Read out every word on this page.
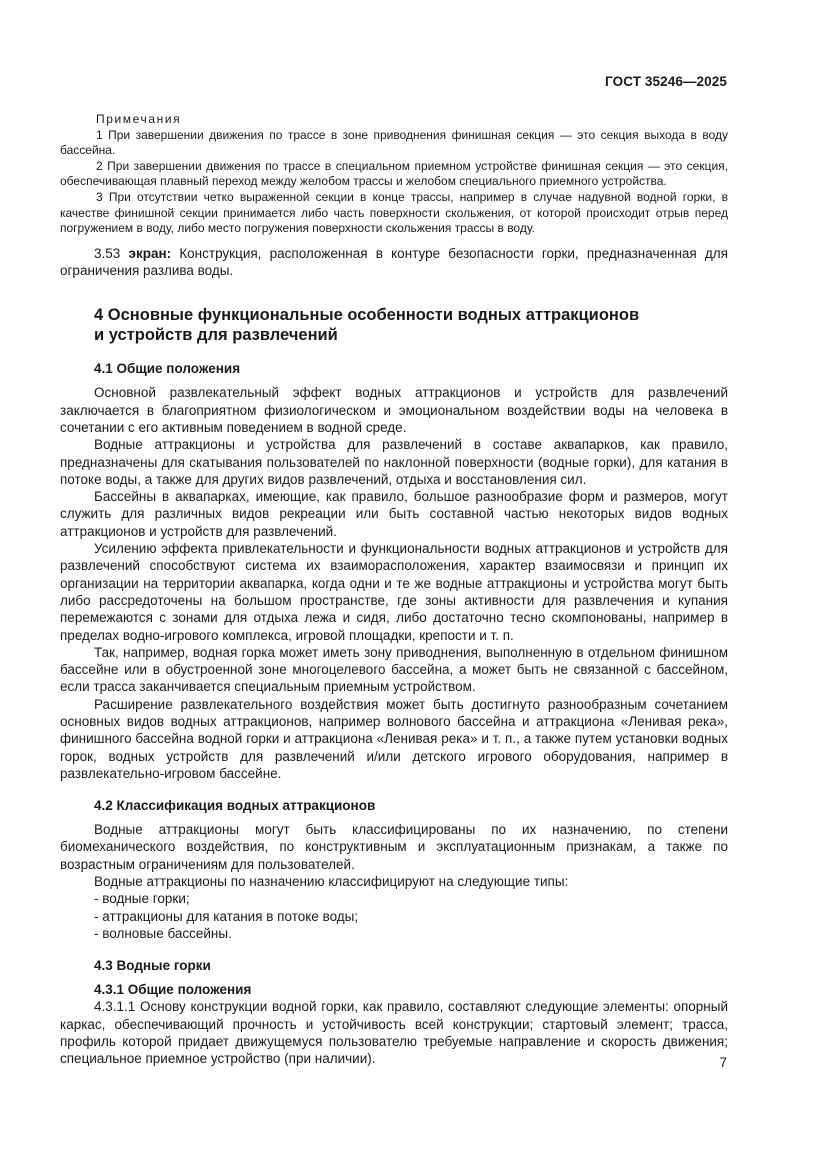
ГОСТ 35246—2025

Примечания

1 При завершении движения по трассе в зоне приводнения финишная секция — это секция выхода в воду бассейна.

2 При завершении движения по трассе в специальном приемном устройстве финишная секция — это секция, обеспечивающая плавный переход между желобом трассы и желобом специального приемного устройства.

3 При отсутствии четко выраженной секции в конце трассы, например в случае надувной водной горки, в качестве финишной секции принимается либо часть поверхности скольжения, от которой происходит отрыв перед погружением в воду, либо место погружения поверхности скольжения трассы в воду.

3.53 экран: Конструкция, расположенная в контуре безопасности горки, предназначенная для ограничения разлива воды.

4 Основные функциональные особенности водных аттракционов
и устройств для развлечений
4.1 Общие положения

Основной развлекательный эффект водных аттракционов и устройств для развлечений заключается в благоприятном физиологическом и эмоциональном воздействии воды на человека в сочетании с его активным поведением в водной среде.

Водные аттракционы и устройства для развлечений в составе аквапарков, как правило, предназначены для скатывания пользователей по наклонной поверхности (водные горки), для катания в потоке воды, а также для других видов развлечений, отдыха и восстановления сил.

Бассейны в аквапарках, имеющие, как правило, большое разнообразие форм и размеров, могут служить для различных видов рекреации или быть составной частью некоторых видов водных аттракционов и устройств для развлечений.

Усилению эффекта привлекательности и функциональности водных аттракционов и устройств для развлечений способствуют система их взаиморасположения, характер взаимосвязи и принцип их организации на территории аквапарка, когда одни и те же водные аттракционы и устройства могут быть либо рассредоточены на большом пространстве, где зоны активности для развлечения и купания перемежаются с зонами для отдыха лежа и сидя, либо достаточно тесно скомпонованы, например в пределах водно-игрового комплекса, игровой площадки, крепости и т. п.

Так, например, водная горка может иметь зону приводнения, выполненную в отдельном финишном бассейне или в обустроенной зоне многоцелевого бассейна, а может быть не связанной с бассейном, если трасса заканчивается специальным приемным устройством.

Расширение развлекательного воздействия может быть достигнуто разнообразным сочетанием основных видов водных аттракционов, например волнового бассейна и аттракциона «Ленивая река», финишного бассейна водной горки и аттракциона «Ленивая река» и т. п., а также путем установки водных горок, водных устройств для развлечений и/или детского игрового оборудования, например в развлекательно-игровом бассейне.

4.2 Классификация водных аттракционов

Водные аттракционы могут быть классифицированы по их назначению, по степени биомеханического воздействия, по конструктивным и эксплуатационным признакам, а также по возрастным ограничениям для пользователей.

Водные аттракционы по назначению классифицируют на следующие типы:

- водные горки;

- аттракционы для катания в потоке воды;

- волновые бассейны.

4.3 Водные горки
4.3.1 Общие положения

4.3.1.1 Основу конструкции водной горки, как правило, составляют следующие элементы: опорный каркас, обеспечивающий прочность и устойчивость всей конструкции; стартовый элемент; трасса, профиль которой придает движущемуся пользователю требуемые направление и скорость движения; специальное приемное устройство (при наличии).	7
